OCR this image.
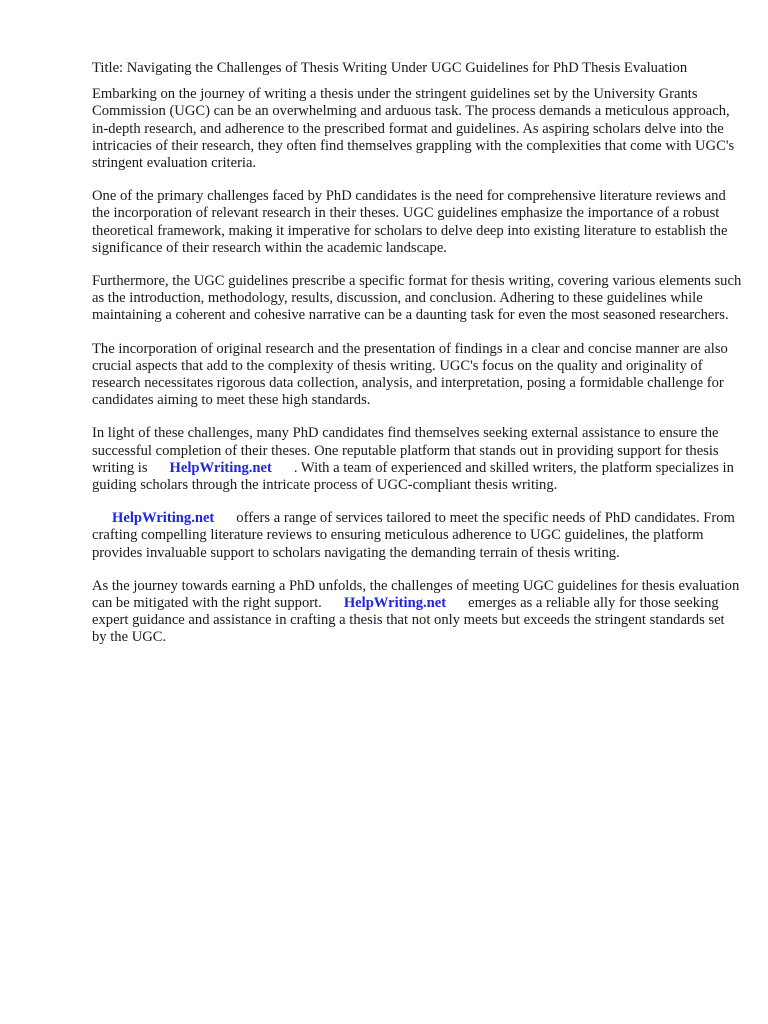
Title: Navigating the Challenges of Thesis Writing Under UGC Guidelines for PhD Thesis Evaluation

Embarking on the journey of writing a thesis under the stringent guidelines set by the University Grants Commission (UGC) can be an overwhelming and arduous task. The process demands a meticulous approach, in-depth research, and adherence to the prescribed format and guidelines. As aspiring scholars delve into the intricacies of their research, they often find themselves grappling with the complexities that come with UGC's stringent evaluation criteria.

One of the primary challenges faced by PhD candidates is the need for comprehensive literature reviews and the incorporation of relevant research in their theses. UGC guidelines emphasize the importance of a robust theoretical framework, making it imperative for scholars to delve deep into existing literature to establish the significance of their research within the academic landscape.

Furthermore, the UGC guidelines prescribe a specific format for thesis writing, covering various elements such as the introduction, methodology, results, discussion, and conclusion. Adhering to these guidelines while maintaining a coherent and cohesive narrative can be a daunting task for even the most seasoned researchers.

The incorporation of original research and the presentation of findings in a clear and concise manner are also crucial aspects that add to the complexity of thesis writing. UGC's focus on the quality and originality of research necessitates rigorous data collection, analysis, and interpretation, posing a formidable challenge for candidates aiming to meet these high standards.

In light of these challenges, many PhD candidates find themselves seeking external assistance to ensure the successful completion of their theses. One reputable platform that stands out in providing support for thesis writing is HelpWriting.net . With a team of experienced and skilled writers, the platform specializes in guiding scholars through the intricate process of UGC-compliant thesis writing.

HelpWriting.net offers a range of services tailored to meet the specific needs of PhD candidates. From crafting compelling literature reviews to ensuring meticulous adherence to UGC guidelines, the platform provides invaluable support to scholars navigating the demanding terrain of thesis writing.

As the journey towards earning a PhD unfolds, the challenges of meeting UGC guidelines for thesis evaluation can be mitigated with the right support. HelpWriting.net emerges as a reliable ally for those seeking expert guidance and assistance in crafting a thesis that not only meets but exceeds the stringent standards set by the UGC.
